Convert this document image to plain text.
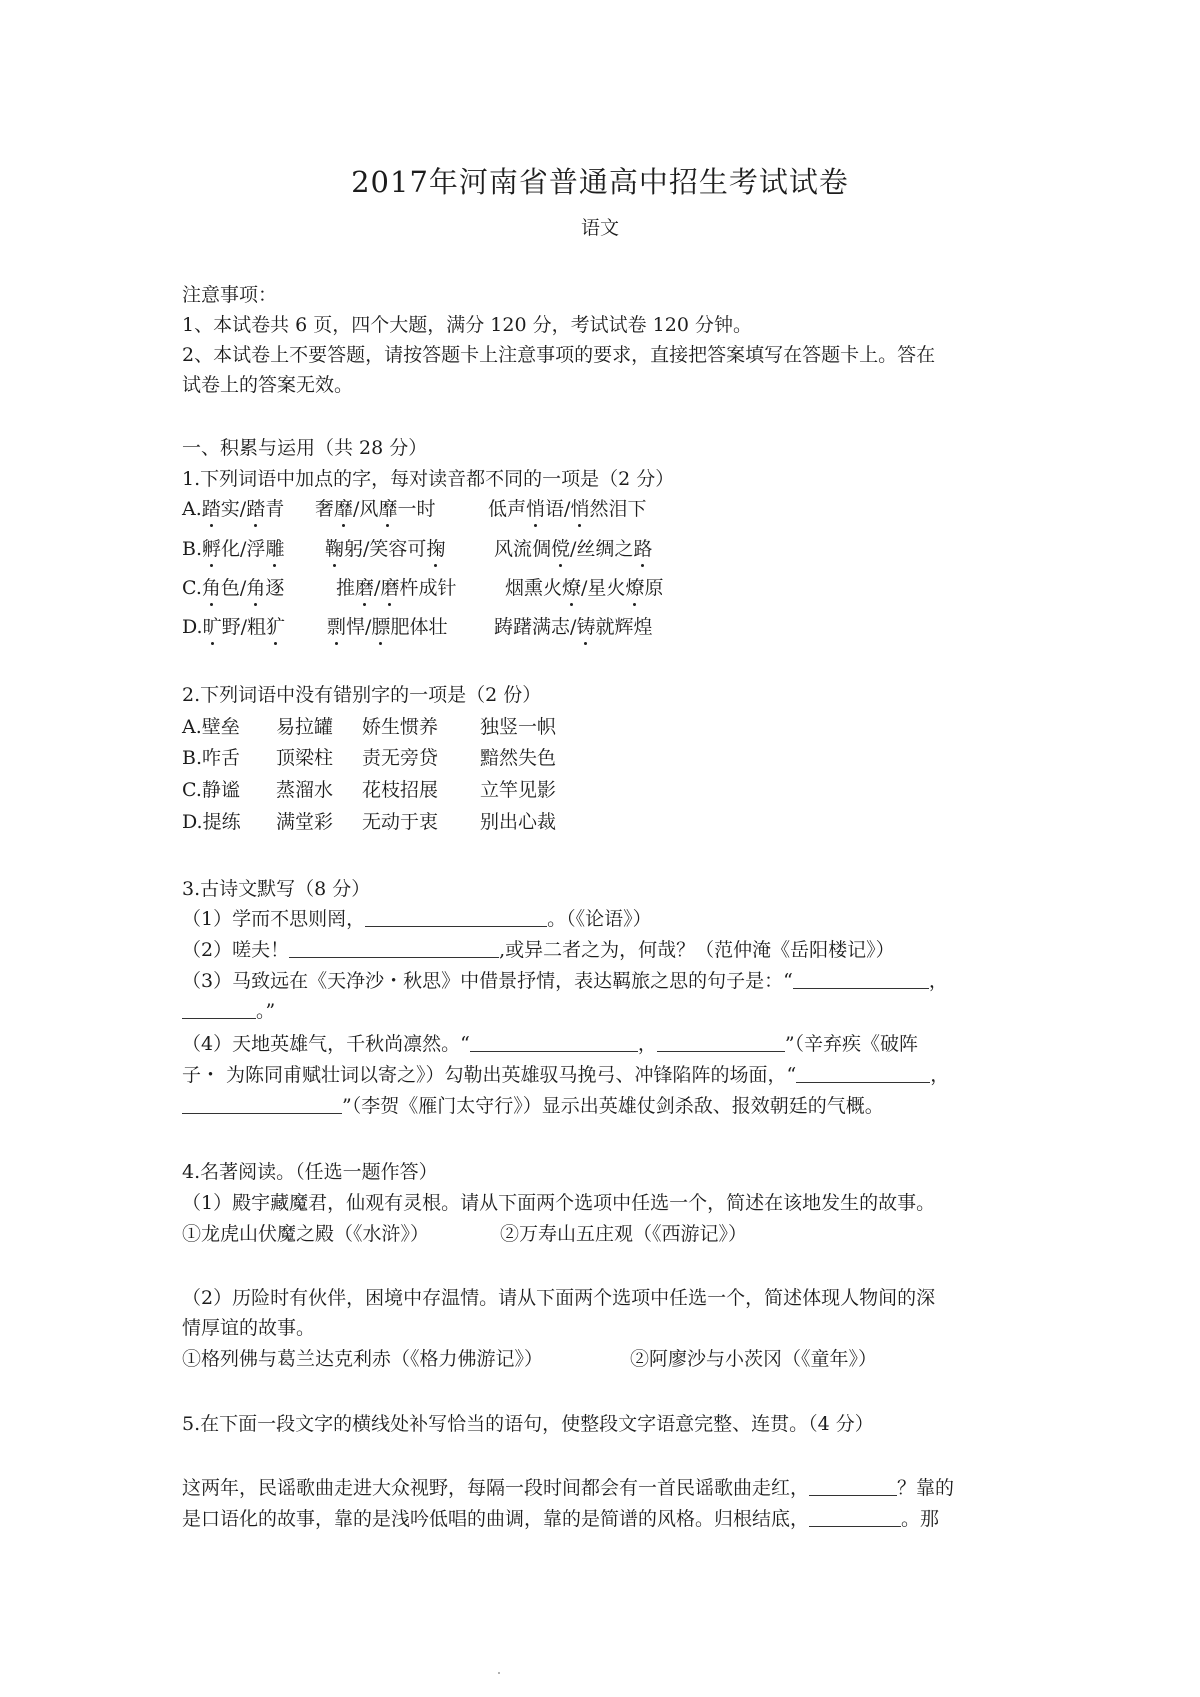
2017年河南省普通高中招生考试试卷
语文
注意事项：
1、本试卷共 6 页，四个大题，满分 120 分，考试试卷 120 分钟。
2、本试卷上不要答题，请按答题卡上注意事项的要求，直接把答案填写在答题卡上。答在
试卷上的答案无效。
一、积累与运用（共 28 分）
1.下列词语中加点的字，每对读音都不同的一项是（2 分）
A.踏实/踏青 奢靡/风靡一时	低声悄语/悄然泪下
B.孵化/浮雕 鞠躬/笑容可掬	风流倜傥/丝绸之路
C.角色/角逐	推磨/磨杵成针	烟熏火燎/星火燎原
D.旷野/粗犷 剽悍/膘肥体壮 踌躇满志/铸就辉煌
2.下列词语中没有错别字的一项是（2 份）
A.壁垒 易拉罐 娇生惯养 独竖一帜
B.咋舌 顶梁柱 责无旁贷 黯然失色
C.静谧 蒸溜水 花枝招展 立竿见影
D.提练 满堂彩 无动于衷 别出心裁
3.古诗文默写（8 分）
（1）学而不思则罔，	。（《论语》）
（2）嗟夫！	,或异二者之为，何哉？（范仲淹《岳阳楼记》）
（3）马致远在《天净沙・秋思》中借景抒情，表达羁旅之思的句子是：“	，
。”
（4）天地英雄气，千秋尚凛然。“	，	”（辛弃疾《破阵
子・ 为陈同甫赋壮词以寄之》）勾勒出英雄驭马挽弓、冲锋陷阵的场面，“	，
”（李贺《雁门太守行》）显示出英雄仗剑杀敌、报效朝廷的气概。
4.名著阅读。（任选一题作答）
（1）殿宇藏魔君，仙观有灵根。请从下面两个选项中任选一个，简述在该地发生的故事。
①龙虎山伏魔之殿（《水浒》）	②万寿山五庄观（《西游记》）
（2）历险时有伙伴，困境中存温情。请从下面两个选项中任选一个，简述体现人物间的深
情厚谊的故事。
①格列佛与葛兰达克利赤（《格力佛游记》）	②阿廖沙与小茨冈（《童年》）
5.在下面一段文字的横线处补写恰当的语句，使整段文字语意完整、连贯。（4 分）
这两年，民谣歌曲走进大众视野，每隔一段时间都会有一首民谣歌曲走红，	？靠的
是口语化的故事，靠的是浅吟低唱的曲调，靠的是简谱的风格。归根结底，	。那
